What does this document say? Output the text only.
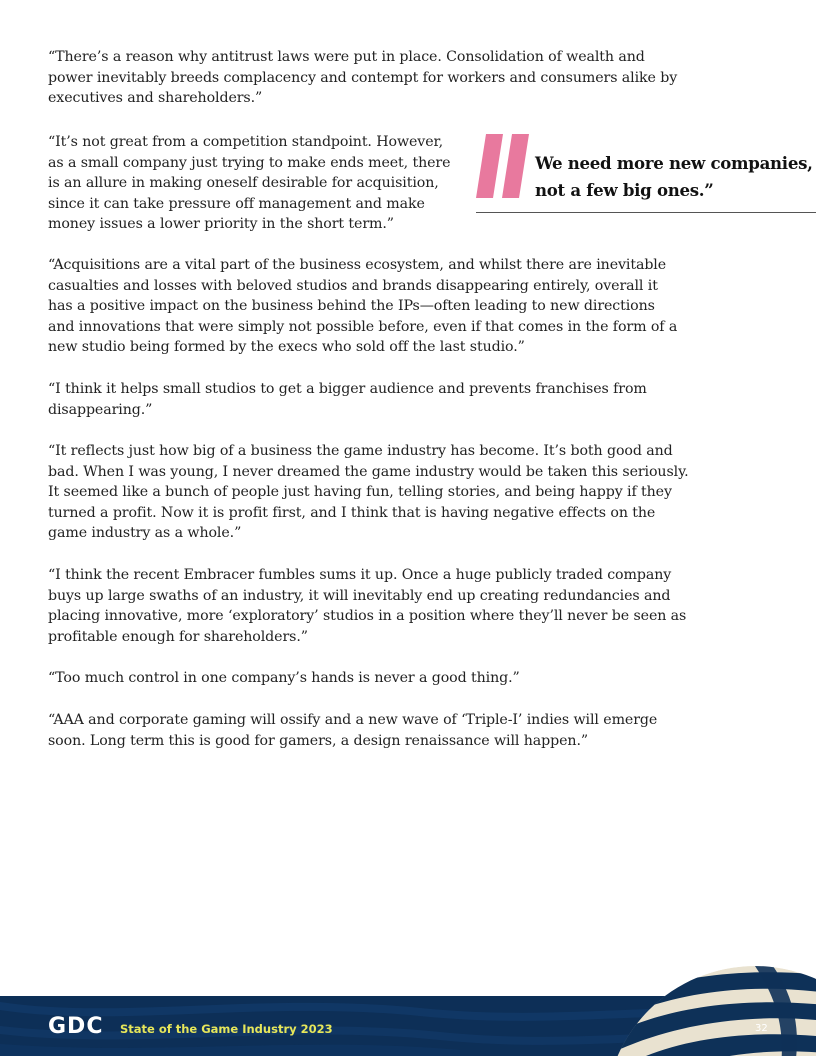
“There’s a reason why antitrust laws were put in place. Consolidation of wealth and
power inevitably breeds complacency and contempt for workers and consumers alike by
executives and shareholders.”

“It’s not great from a competition standpoint. However,
as a small company just trying to make ends meet, there
is an allure in making oneself desirable for acquisition,
since it can take pressure off management and make
money issues a lower priority in the short term.”

“Acquisitions are a vital part of the business ecosystem, and whilst there are inevitable
casualties and losses with beloved studios and brands disappearing entirely, overall it
has a positive impact on the business behind the IPs—often leading to new directions
and innovations that were simply not possible before, even if that comes in the form of a
new studio being formed by the execs who sold off the last studio.”

“I think it helps small studios to get a bigger audience and prevents franchises from
disappearing.”

“It reflects just how big of a business the game industry has become. It’s both good and
bad. When I was young, I never dreamed the game industry would be taken this seriously.
It seemed like a bunch of people just having fun, telling stories, and being happy if they
turned a profit. Now it is profit first, and I think that is having negative effects on the
game industry as a whole.”

“I think the recent Embracer fumbles sums it up. Once a huge publicly traded company
buys up large swaths of an industry, it will inevitably end up creating redundancies and
placing innovative, more ‘exploratory’ studios in a position where they’ll never be seen as
profitable enough for shareholders.”

“Too much control in one company’s hands is never a good thing.”

“AAA and corporate gaming will ossify and a new wave of ‘Triple-I’ indies will emerge
soon. Long term this is good for gamers, a design renaissance will happen.”

We need more new companies,
not a few big ones.”

GDC State of the Game Industry 2023	32
